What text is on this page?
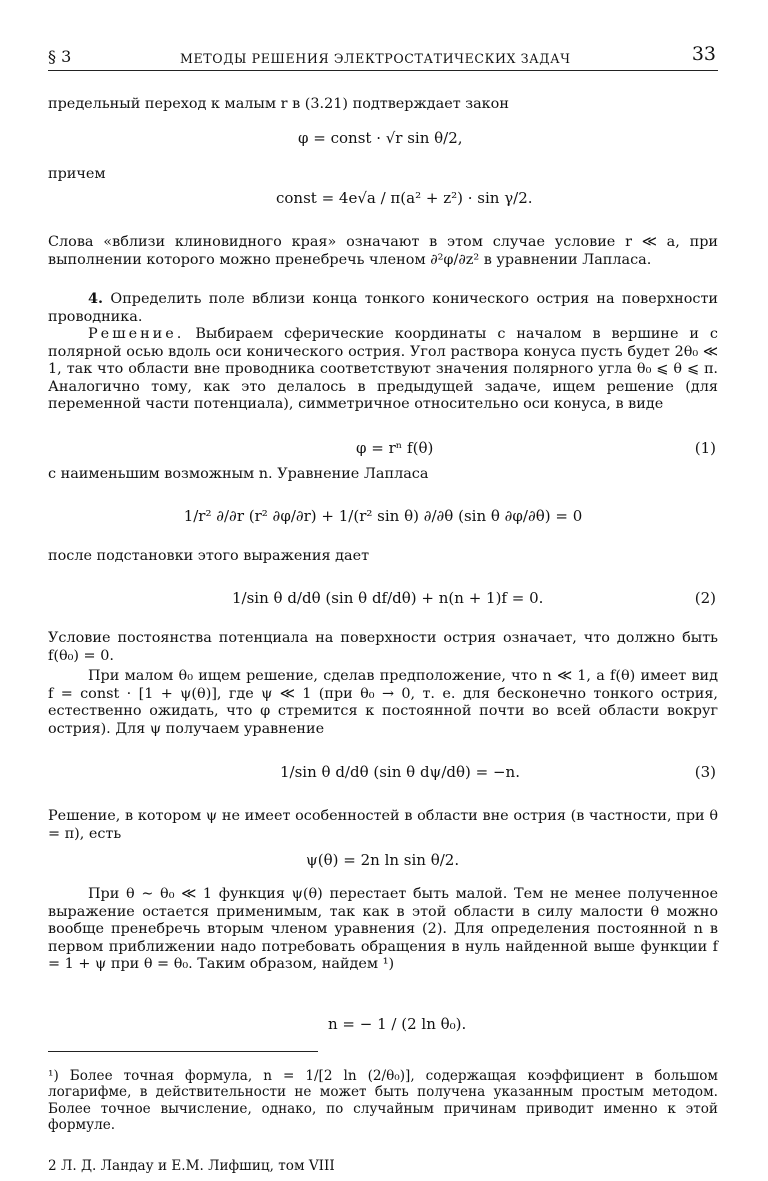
§ 3	МЕТОДЫ РЕШЕНИЯ ЭЛЕКТРОСТАТИЧЕСКИХ ЗАДАЧ	33
предельный переход к малым r в (3.21) подтверждает закон
φ = const · √r sin θ/2,
причем
const = 4e√a / π(a² + z²) · sin γ/2.
Слова «вблизи клиновидного края» означают в этом случае условие r ≪ a, при выполнении которого можно пренебречь членом ∂²φ/∂z² в уравнении Лапласа.
4. Определить поле вблизи конца тонкого конического острия на поверхности проводника.
Решение. Выбираем сферические координаты с началом в вершине и с полярной осью вдоль оси конического острия. Угол раствора конуса пусть будет 2θ₀ ≪ 1, так что области вне проводника соответствуют значения полярного угла θ₀ ⩽ θ ⩽ π. Аналогично тому, как это делалось в предыдущей задаче, ищем решение (для переменной части потенциала), симметричное относительно оси конуса, в виде
φ = rⁿ f(θ)	(1)
с наименьшим возможным n. Уравнение Лапласа
1/r² ∂/∂r (r² ∂φ/∂r) + 1/(r² sin θ) ∂/∂θ (sin θ ∂φ/∂θ) = 0
после подстановки этого выражения дает
1/sin θ d/dθ (sin θ df/dθ) + n(n + 1)f = 0.	(2)
Условие постоянства потенциала на поверхности острия означает, что должно быть f(θ₀) = 0.
При малом θ₀ ищем решение, сделав предположение, что n ≪ 1, а f(θ) имеет вид f = const · [1 + ψ(θ)], где ψ ≪ 1 (при θ₀ → 0, т. е. для бесконечно тонкого острия, естественно ожидать, что φ стремится к постоянной почти во всей области вокруг острия). Для ψ получаем уравнение
1/sin θ d/dθ (sin θ dψ/dθ) = −n.	(3)
Решение, в котором ψ не имеет особенностей в области вне острия (в частности, при θ = π), есть
ψ(θ) = 2n ln sin θ/2.
При θ ∼ θ₀ ≪ 1 функция ψ(θ) перестает быть малой. Тем не менее полученное выражение остается применимым, так как в этой области в силу малости θ можно вообще пренебречь вторым членом уравнения (2). Для определения постоянной n в первом приближении надо потребовать обращения в нуль найденной выше функции f = 1 + ψ при θ = θ₀. Таким образом, найдем ¹)
n = − 1 / (2 ln θ₀).
¹) Более точная формула, n = 1/[2 ln (2/θ₀)], содержащая коэффициент в большом логарифме, в действительности не может быть получена указанным простым методом. Более точное вычисление, однако, по случайным причинам приводит именно к этой формуле.
2 Л. Д. Ландау и Е.М. Лифшиц, том VIII
